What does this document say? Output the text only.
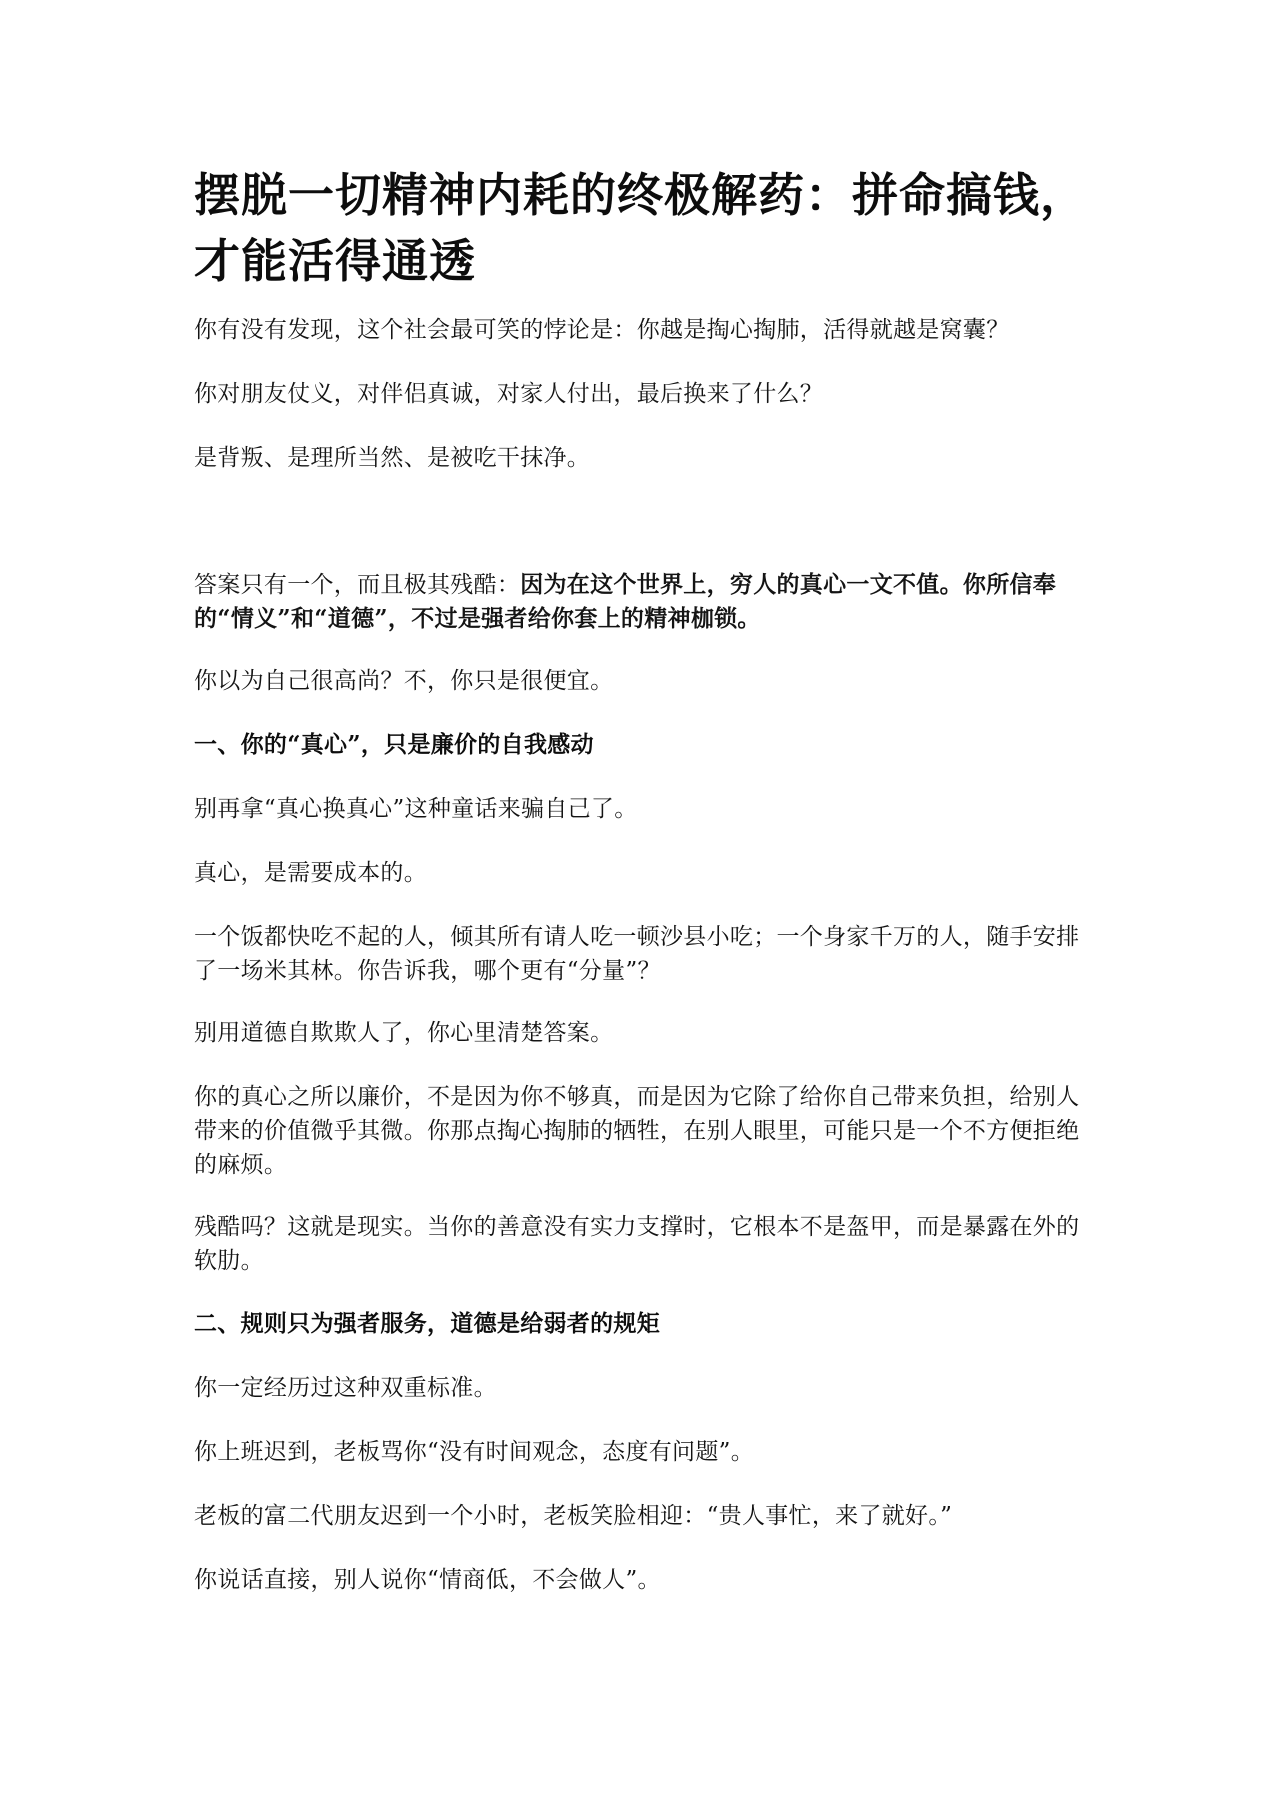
摆脱一切精神内耗的终极解药：拼命搞钱，才能活得通透

你有没有发现，这个社会最可笑的悖论是：你越是掏心掏肺，活得就越是窝囊？

你对朋友仗义，对伴侣真诚，对家人付出，最后换来了什么？

是背叛、是理所当然、是被吃干抹净。

答案只有一个，而且极其残酷：因为在这个世界上，穷人的真心一文不值。你所信奉的“情义”和“道德”，不过是强者给你套上的精神枷锁。

你以为自己很高尚？不，你只是很便宜。

一、你的“真心”，只是廉价的自我感动

别再拿“真心换真心”这种童话来骗自己了。

真心，是需要成本的。

一个饭都快吃不起的人，倾其所有请人吃一顿沙县小吃；一个身家千万的人，随手安排了一场米其林。你告诉我，哪个更有“分量”？

别用道德自欺欺人了，你心里清楚答案。

你的真心之所以廉价，不是因为你不够真，而是因为它除了给你自己带来负担，给别人带来的价值微乎其微。你那点掏心掏肺的牺牲，在别人眼里，可能只是一个不方便拒绝的麻烦。

残酷吗？这就是现实。当你的善意没有实力支撑时，它根本不是盔甲，而是暴露在外的软肋。

二、规则只为强者服务，道德是给弱者的规矩

你一定经历过这种双重标准。

你上班迟到，老板骂你“没有时间观念，态度有问题”。

老板的富二代朋友迟到一个小时，老板笑脸相迎：“贵人事忙，来了就好。”

你说话直接，别人说你“情商低，不会做人”。
